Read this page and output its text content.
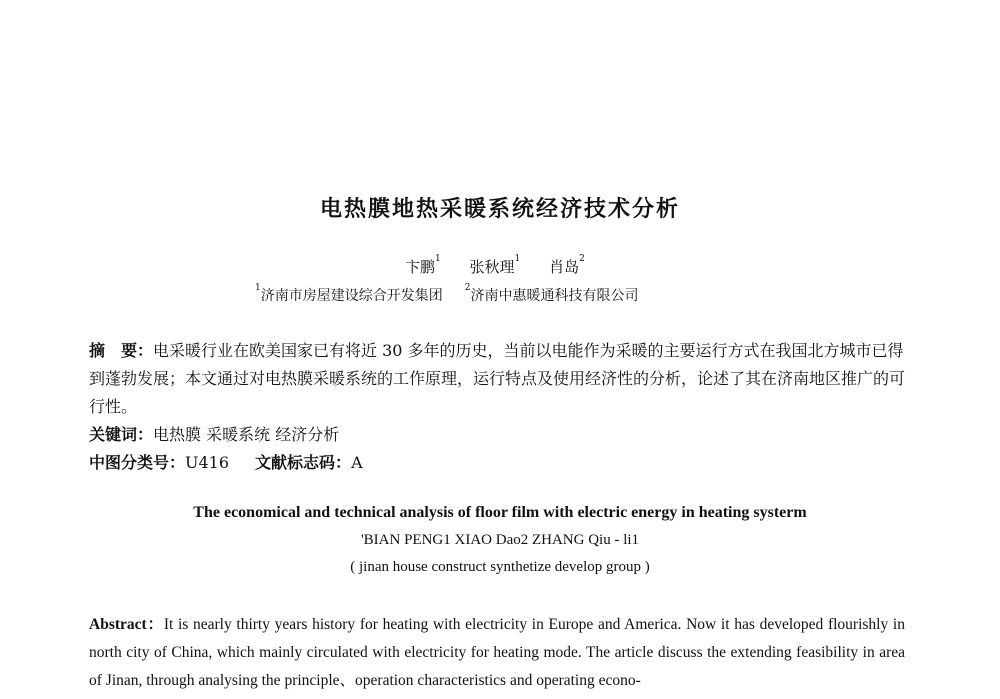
电热膜地热采暖系统经济技术分析
卞鹏$^1$ 张秋理$^1$ 肖岛$^2$
$^1$济南市房屋建设综合开发集团 $^2$济南中惠暖通科技有限公司
摘　要：电采暖行业在欧美国家已有将近 30 多年的历史，当前以电能作为采暖的主要运行方式在我国北方城市已得到蓬勃发展；本文通过对电热膜采暖系统的工作原理，运行特点及使用经济性的分析，论述了其在济南地区推广的可行性。
关键词：电热膜 采暖系统 经济分析
中图分类号：U416 文献标志码：A
The economical and technical analysis of floor film with electric energy in heating systerm
'BIAN PENG1 XIAO Dao2 ZHANG Qiu - li1
( jinan house construct synthetize develop group )
Abstract：It is nearly thirty years history for heating with electricity in Europe and America. Now it has developed flourishly in north city of China, which mainly circulated with electricity for heating mode. The article discuss the extending feasibility in area of Jinan, through analysing the principle、operation characteristics and operating econo-
